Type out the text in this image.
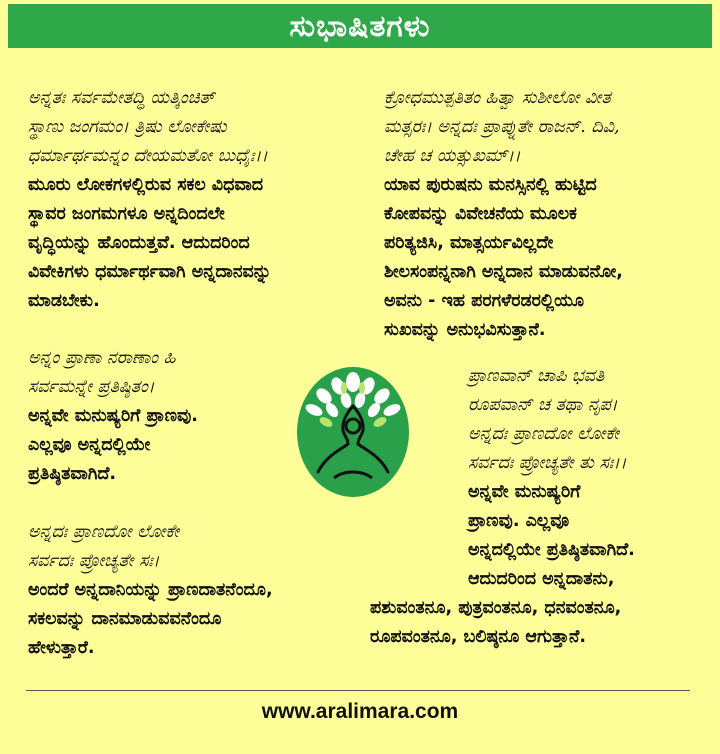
ಸುಭಾಷಿತಗಳು
ಅನ್ನತಃ ಸರ್ವಮೇತದ್ಧಿ ಯತ್ಕಿಂಚಿತ್
ಸ್ಥಾಣು ಜಂಗಮಂ। ತ್ರಿಷು ಲೋಕೇಷು
ಧರ್ಮಾರ್ಥಮನ್ನಂ ದೇಯಮತೋ ಬುಧೈಃ।।
ಮೂರು ಲೋಕಗಳಲ್ಲಿರುವ ಸಕಲ ವಿಧವಾದ
ಸ್ಥಾವರ ಜಂಗಮಗಳೂ ಅನ್ನದಿಂದಲೇ
ವೃದ್ಧಿಯನ್ನು ಹೊಂದುತ್ತವೆ. ಆದುದರಿಂದ
ವಿವೇಕಿಗಳು ಧರ್ಮಾರ್ಥವಾಗಿ ಅನ್ನದಾನವನ್ನು
ಮಾಡಬೇಕು.
ಅನ್ನಂ ಪ್ರಾಣಾ ನರಾಣಾಂ ಹಿ
ಸರ್ವಮನ್ನೇ ಪ್ರತಿಷ್ಠಿತಂ।
ಅನ್ನವೇ ಮನುಷ್ಯರಿಗೆ ಪ್ರಾಣವು.
ಎಲ್ಲವೂ ಅನ್ನದಲ್ಲಿಯೇ
ಪ್ರತಿಷ್ಠಿತವಾಗಿದೆ.
ಅನ್ನದಃ ಪ್ರಾಣದೋ ಲೋಕೇ
ಸರ್ವದಃ ಪ್ರೋಚ್ಯತೇ ಸಃ।
ಅಂದರೆ ಅನ್ನದಾನಿಯನ್ನು ಪ್ರಾಣದಾತನೆಂದೂ,
ಸಕಲವನ್ನು ದಾನಮಾಡುವವನೆಂದೂ
ಹೇಳುತ್ತಾರೆ.
ಕ್ರೋಧಮುತ್ಪತಿತಂ ಹಿತ್ವಾ ಸುಶೀಲೋ ವೀತ
ಮತ್ಸರಃ। ಅನ್ನದಃ ಪ್ರಾಪ್ನುತೇ ರಾಜನ್. ದಿವಿ,
ಚೇಹ ಚ ಯತ್ಸುಖಮ್।।
ಯಾವ ಪುರುಷನು ಮನಸ್ಸಿನಲ್ಲಿ ಹುಟ್ಟಿದ
ಕೋಪವನ್ನು ವಿವೇಚನೆಯ ಮೂಲಕ
ಪರಿತ್ಯಜಿಸಿ, ಮಾತ್ಸರ್ಯವಿಲ್ಲದೇ
ಶೀಲಸಂಪನ್ನನಾಗಿ ಅನ್ನದಾನ ಮಾಡುವನೋ,
ಅವನು - ಇಹ ಪರಗಳೆರಡರಲ್ಲಿಯೂ
ಸುಖವನ್ನು ಅನುಭವಿಸುತ್ತಾನೆ.
ಪ್ರಾಣವಾನ್ ಚಾಪಿ ಭವತಿ
ರೂಪವಾನ್ ಚ ತಥಾ ನೃಪ।
ಅನ್ನದಃ ಪ್ರಾಣದೋ ಲೋಕೇ
ಸರ್ವದಃ ಪ್ರೋಚ್ಯತೇ ತು ಸಃ।।
ಅನ್ನವೇ ಮನುಷ್ಯರಿಗೆ
ಪ್ರಾಣವು. ಎಲ್ಲವೂ
ಅನ್ನದಲ್ಲಿಯೇ ಪ್ರತಿಷ್ಠಿತವಾಗಿದೆ.
ಆದುದರಿಂದ ಅನ್ನದಾತನು,
ಪಶುವಂತನೂ, ಪುತ್ರವಂತನೂ, ಧನವಂತನೂ,
ರೂಪವಂತನೂ, ಬಲಿಷ್ಠನೂ ಆಗುತ್ತಾನೆ.
www.aralimara.com
